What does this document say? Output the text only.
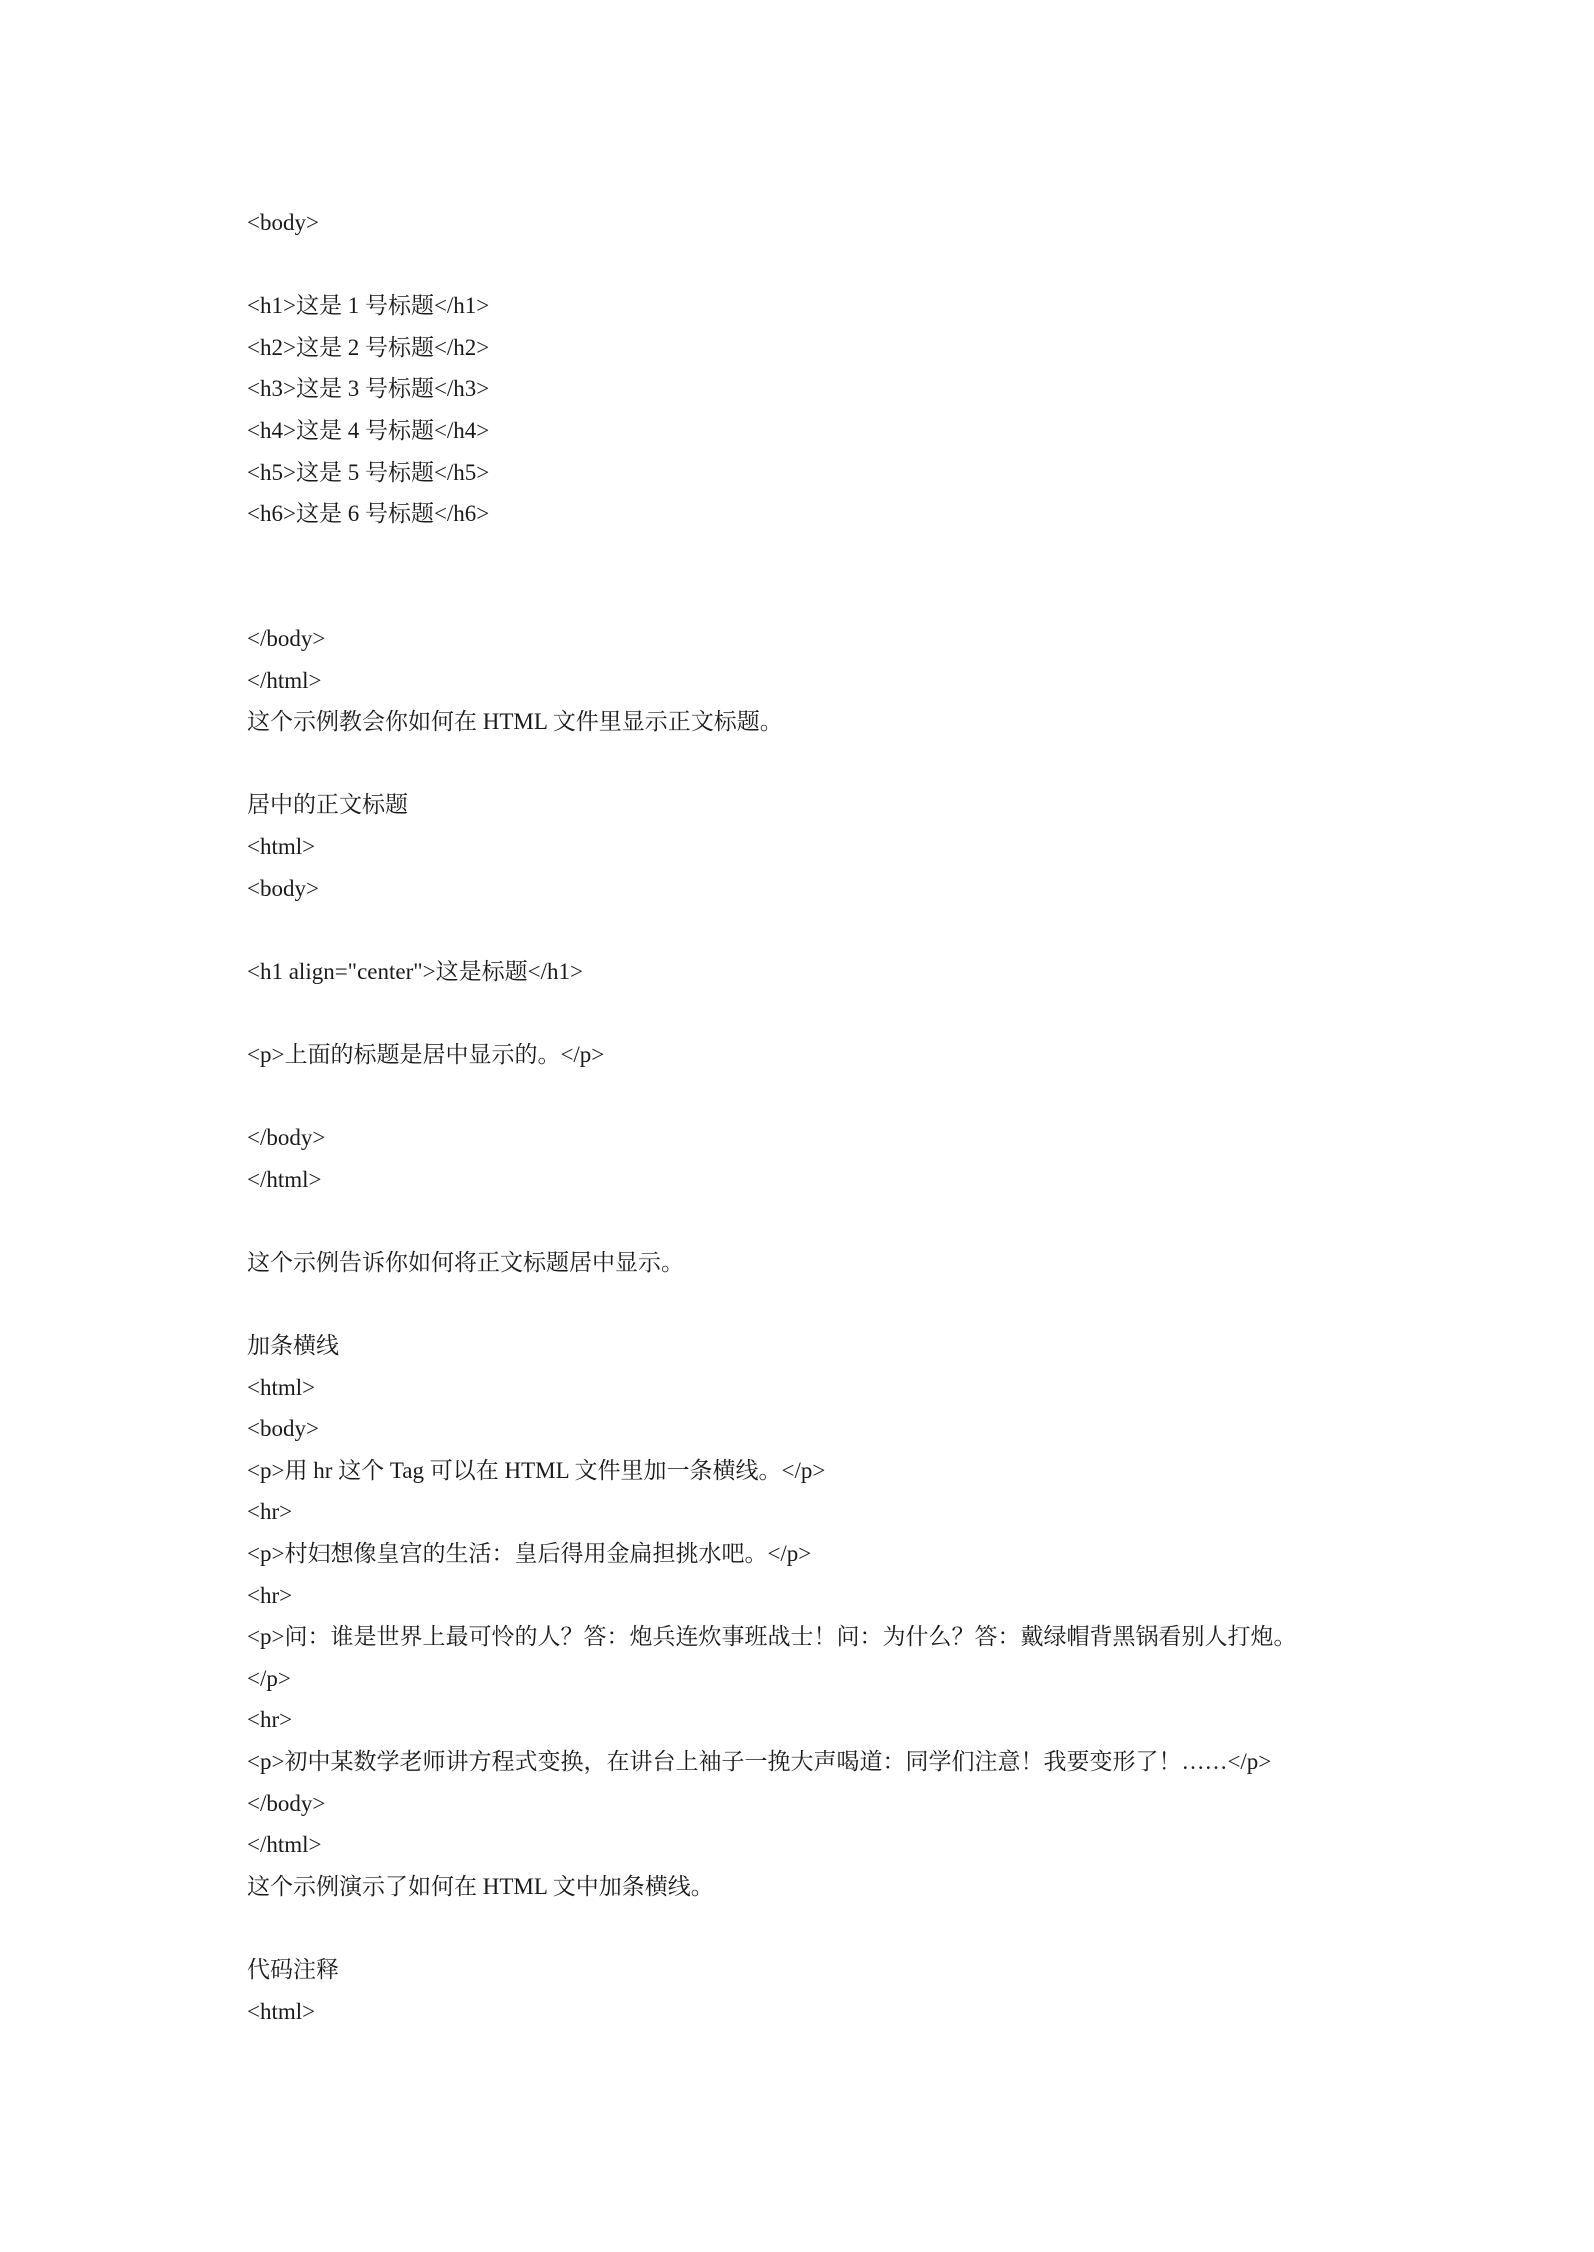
<body>
<h1>这是 1 号标题</h1>
<h2>这是 2 号标题</h2>
<h3>这是 3 号标题</h3>
<h4>这是 4 号标题</h4>
<h5>这是 5 号标题</h5>
<h6>这是 6 号标题</h6>
</body>
</html>
这个示例教会你如何在 HTML 文件里显示正文标题。
居中的正文标题
<html>
<body>
<h1 align="center">这是标题</h1>
<p>上面的标题是居中显示的。</p>
</body>
</html>
这个示例告诉你如何将正文标题居中显示。
加条横线
<html>
<body>
<p>用 hr 这个 Tag 可以在 HTML 文件里加一条横线。</p>
<hr>
<p>村妇想像皇宫的生活：皇后得用金扁担挑水吧。</p>
<hr>
<p>问：谁是世界上最可怜的人？答：炮兵连炊事班战士！问：为什么？答：戴绿帽背黑锅看别人打炮。
</p>
<hr>
<p>初中某数学老师讲方程式变换，在讲台上袖子一挽大声喝道：同学们注意！我要变形了！……</p>
</body>
</html>
这个示例演示了如何在 HTML 文中加条横线。
代码注释
<html>
